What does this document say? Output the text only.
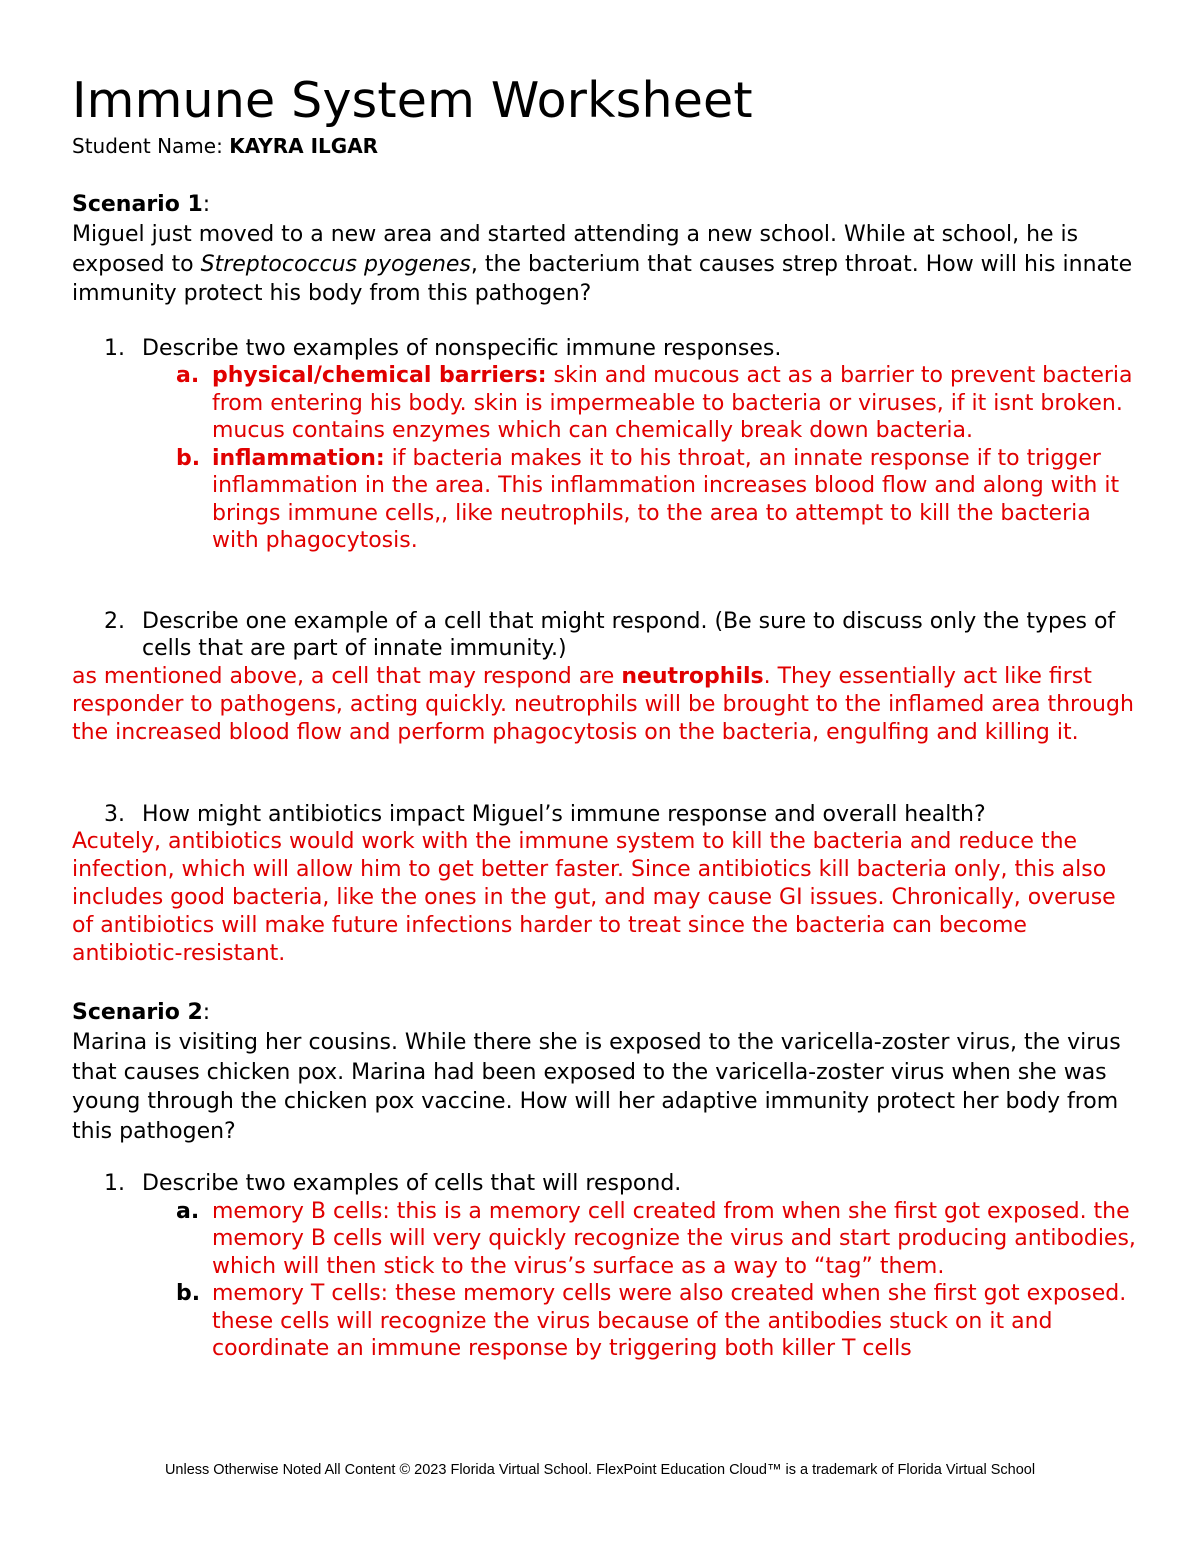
Immune System Worksheet

Student Name: KAYRA ILGAR

Scenario 1:

Miguel just moved to a new area and started attending a new school. While at school, he is exposed to Streptococcus pyogenes, the bacterium that causes strep throat. How will his innate immunity protect his body from this pathogen?

1. Describe two examples of nonspecific immune responses.

a. physical/chemical barriers: skin and mucous act as a barrier to prevent bacteria from entering his body. skin is impermeable to bacteria or viruses, if it isnt broken. mucus contains enzymes which can chemically break down bacteria.

b. inflammation: if bacteria makes it to his throat, an innate response if to trigger inflammation in the area. This inflammation increases blood flow and along with it brings immune cells,, like neutrophils, to the area to attempt to kill the bacteria with phagocytosis.

2. Describe one example of a cell that might respond. (Be sure to discuss only the types of cells that are part of innate immunity.)

as mentioned above, a cell that may respond are neutrophils. They essentially act like first responder to pathogens, acting quickly. neutrophils will be brought to the inflamed area through the increased blood flow and perform phagocytosis on the bacteria, engulfing and killing it.

3. How might antibiotics impact Miguel’s immune response and overall health?

Acutely, antibiotics would work with the immune system to kill the bacteria and reduce the infection, which will allow him to get better faster. Since antibiotics kill bacteria only, this also includes good bacteria, like the ones in the gut, and may cause GI issues. Chronically, overuse of antibiotics will make future infections harder to treat since the bacteria can become antibiotic-resistant.

Scenario 2:

Marina is visiting her cousins. While there she is exposed to the varicella-zoster virus, the virus that causes chicken pox. Marina had been exposed to the varicella-zoster virus when she was young through the chicken pox vaccine. How will her adaptive immunity protect her body from this pathogen?

1. Describe two examples of cells that will respond.

a. memory B cells: this is a memory cell created from when she first got exposed. the memory B cells will very quickly recognize the virus and start producing antibodies, which will then stick to the virus’s surface as a way to “tag” them.

b. memory T cells: these memory cells were also created when she first got exposed. these cells will recognize the virus because of the antibodies stuck on it and coordinate an immune response by triggering both killer T cells

Unless Otherwise Noted All Content © 2023 Florida Virtual School. FlexPoint Education Cloud™ is a trademark of Florida Virtual School
